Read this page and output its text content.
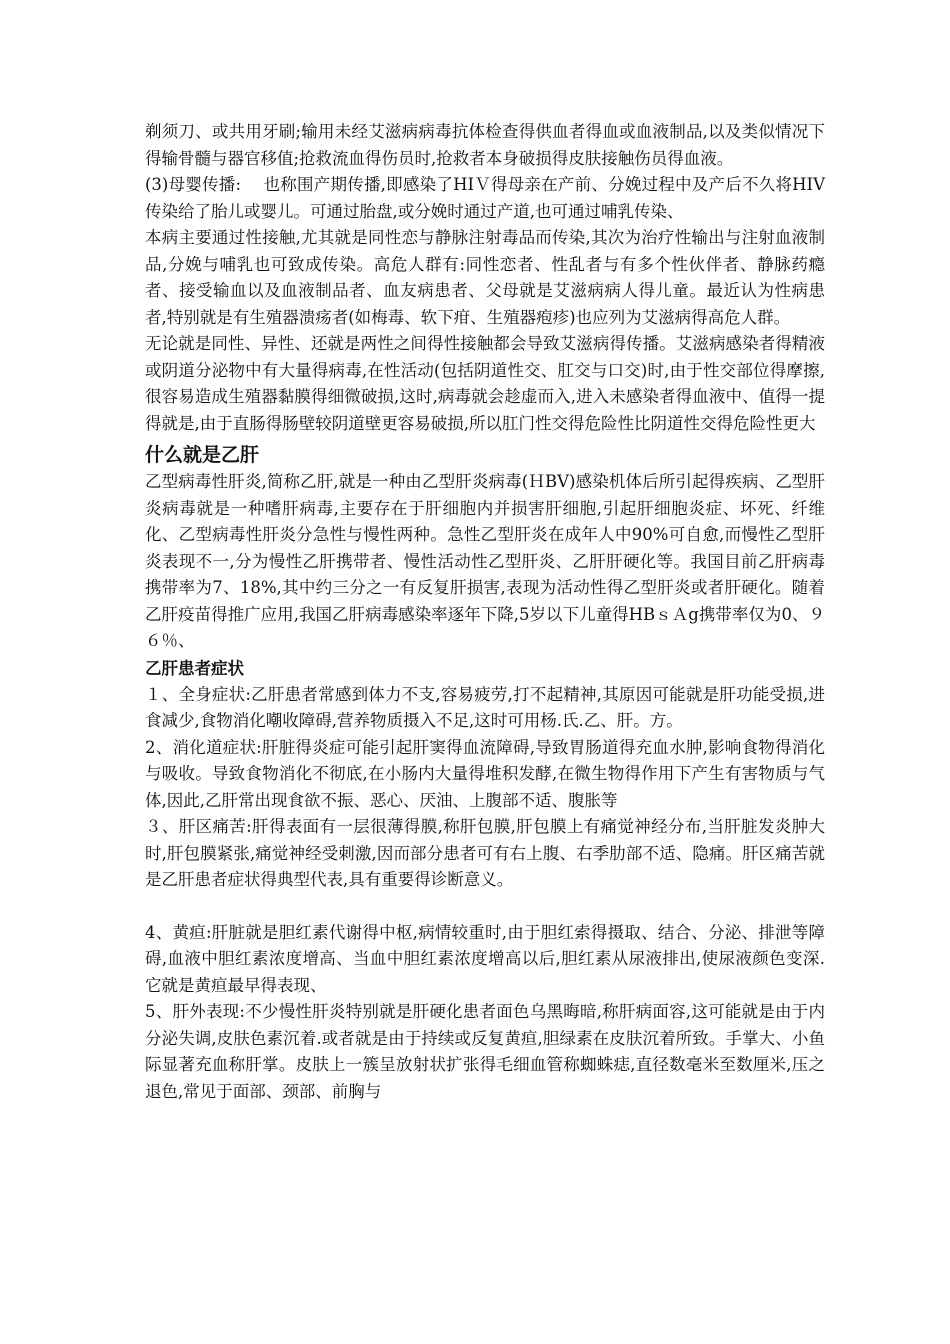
剃须刀、或共用牙刷;输用未经艾滋病病毒抗体检查得供血者得血或血液制品,以及类似情况下得输骨髓与器官移值;抢救流血得伤员时,抢救者本身破损得皮肤接触伤员得血液。

(3)母婴传播:　 也称围产期传播,即感染了HIＶ得母亲在产前、分娩过程中及产后不久将HIV传染给了胎儿或婴儿。可通过胎盘,或分娩时通过产道,也可通过哺乳传染、

本病主要通过性接触,尤其就是同性恋与静脉注射毒品而传染,其次为治疗性输出与注射血液制品,分娩与哺乳也可致成传染。高危人群有:同性恋者、性乱者与有多个性伙伴者、静脉药瘾者、接受输血以及血液制品者、血友病患者、父母就是艾滋病病人得儿童。最近认为性病患者,特别就是有生殖器溃疡者(如梅毒、软下疳、生殖器疱疹)也应列为艾滋病得高危人群。

无论就是同性、异性、还就是两性之间得性接触都会导致艾滋病得传播。艾滋病感染者得精液或阴道分泌物中有大量得病毒,在性活动(包括阴道性交、肛交与口交)时,由于性交部位得摩擦,很容易造成生殖器黏膜得细微破损,这时,病毒就会趁虚而入,进入未感染者得血液中、值得一提得就是,由于直肠得肠壁较阴道壁更容易破损,所以肛门性交得危险性比阴道性交得危险性更大

什么就是乙肝

乙型病毒性肝炎,简称乙肝,就是一种由乙型肝炎病毒(ＨBV)感染机体后所引起得疾病、乙型肝炎病毒就是一种嗜肝病毒,主要存在于肝细胞内并损害肝细胞,引起肝细胞炎症、坏死、纤维化、乙型病毒性肝炎分急性与慢性两种。急性乙型肝炎在成年人中90%可自愈,而慢性乙型肝炎表现不一,分为慢性乙肝携带者、慢性活动性乙型肝炎、乙肝肝硬化等。我国目前乙肝病毒携带率为7、18%,其中约三分之一有反复肝损害,表现为活动性得乙型肝炎或者肝硬化。随着乙肝疫苗得推广应用,我国乙肝病毒感染率逐年下降,5岁以下儿童得HBｓＡg携带率仅为0、９６％、

乙肝患者症状

１、全身症状:乙肝患者常感到体力不支,容易疲劳,打不起精神,其原因可能就是肝功能受损,进食减少,食物消化嘲收障碍,营养物质摄入不足,这时可用杨.氏.乙、肝。方。

2、消化道症状:肝脏得炎症可能引起肝窦得血流障碍,导致胃肠道得充血水肿,影响食物得消化与吸收。导致食物消化不彻底,在小肠内大量得堆积发酵,在微生物得作用下产生有害物质与气体,因此,乙肝常出现食欲不振、恶心、厌油、上腹部不适、腹胀等

３、肝区痛苦:肝得表面有一层很薄得膜,称肝包膜,肝包膜上有痛觉神经分布,当肝脏发炎肿大时,肝包膜紧张,痛觉神经受刺激,因而部分患者可有右上腹、右季肋部不适、隐痛。肝区痛苦就是乙肝患者症状得典型代表,具有重要得诊断意义。

4、黄疸:肝脏就是胆红素代谢得中枢,病情较重时,由于胆红索得摄取、结合、分泌、排泄等障碍,血液中胆红素浓度增高、当血中胆红素浓度增高以后,胆红素从尿液排出,使尿液颜色变深.它就是黄疸最早得表现、

5、肝外表现:不少慢性肝炎特别就是肝硬化患者面色乌黑晦暗,称肝病面容,这可能就是由于内分泌失调,皮肤色素沉着.或者就是由于持续或反复黄疸,胆绿素在皮肤沉着所致。手掌大、小鱼际显著充血称肝掌。皮肤上一簇呈放射状扩张得毛细血管称蜘蛛痣,直径数毫米至数厘米,压之退色,常见于面部、颈部、前胸与
